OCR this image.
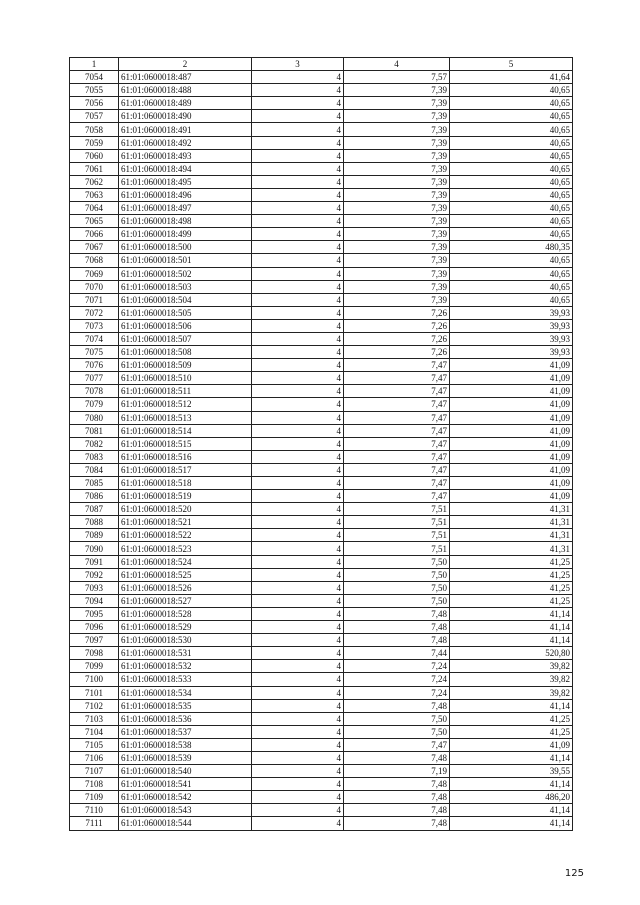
1	2	3	4	5
7054	61:01:0600018:487	4	7,57	41,64
7055	61:01:0600018:488	4	7,39	40,65
7056	61:01:0600018:489	4	7,39	40,65
7057	61:01:0600018:490	4	7,39	40,65
7058	61:01:0600018:491	4	7,39	40,65
7059	61:01:0600018:492	4	7,39	40,65
7060	61:01:0600018:493	4	7,39	40,65
7061	61:01:0600018:494	4	7,39	40,65
7062	61:01:0600018:495	4	7,39	40,65
7063	61:01:0600018:496	4	7,39	40,65
7064	61:01:0600018:497	4	7,39	40,65
7065	61:01:0600018:498	4	7,39	40,65
7066	61:01:0600018:499	4	7,39	40,65
7067	61:01:0600018:500	4	7,39	480,35
7068	61:01:0600018:501	4	7,39	40,65
7069	61:01:0600018:502	4	7,39	40,65
7070	61:01:0600018:503	4	7,39	40,65
7071	61:01:0600018:504	4	7,39	40,65
7072	61:01:0600018:505	4	7,26	39,93
7073	61:01:0600018:506	4	7,26	39,93
7074	61:01:0600018:507	4	7,26	39,93
7075	61:01:0600018:508	4	7,26	39,93
7076	61:01:0600018:509	4	7,47	41,09
7077	61:01:0600018:510	4	7,47	41,09
7078	61:01:0600018:511	4	7,47	41,09
7079	61:01:0600018:512	4	7,47	41,09
7080	61:01:0600018:513	4	7,47	41,09
7081	61:01:0600018:514	4	7,47	41,09
7082	61:01:0600018:515	4	7,47	41,09
7083	61:01:0600018:516	4	7,47	41,09
7084	61:01:0600018:517	4	7,47	41,09
7085	61:01:0600018:518	4	7,47	41,09
7086	61:01:0600018:519	4	7,47	41,09
7087	61:01:0600018:520	4	7,51	41,31
7088	61:01:0600018:521	4	7,51	41,31
7089	61:01:0600018:522	4	7,51	41,31
7090	61:01:0600018:523	4	7,51	41,31
7091	61:01:0600018:524	4	7,50	41,25
7092	61:01:0600018:525	4	7,50	41,25
7093	61:01:0600018:526	4	7,50	41,25
7094	61:01:0600018:527	4	7,50	41,25
7095	61:01:0600018:528	4	7,48	41,14
7096	61:01:0600018:529	4	7,48	41,14
7097	61:01:0600018:530	4	7,48	41,14
7098	61:01:0600018:531	4	7,44	520,80
7099	61:01:0600018:532	4	7,24	39,82
7100	61:01:0600018:533	4	7,24	39,82
7101	61:01:0600018:534	4	7,24	39,82
7102	61:01:0600018:535	4	7,48	41,14
7103	61:01:0600018:536	4	7,50	41,25
7104	61:01:0600018:537	4	7,50	41,25
7105	61:01:0600018:538	4	7,47	41,09
7106	61:01:0600018:539	4	7,48	41,14
7107	61:01:0600018:540	4	7,19	39,55
7108	61:01:0600018:541	4	7,48	41,14
7109	61:01:0600018:542	4	7,48	486,20
7110	61:01:0600018:543	4	7,48	41,14
7111	61:01:0600018:544	4	7,48	41,14
125
